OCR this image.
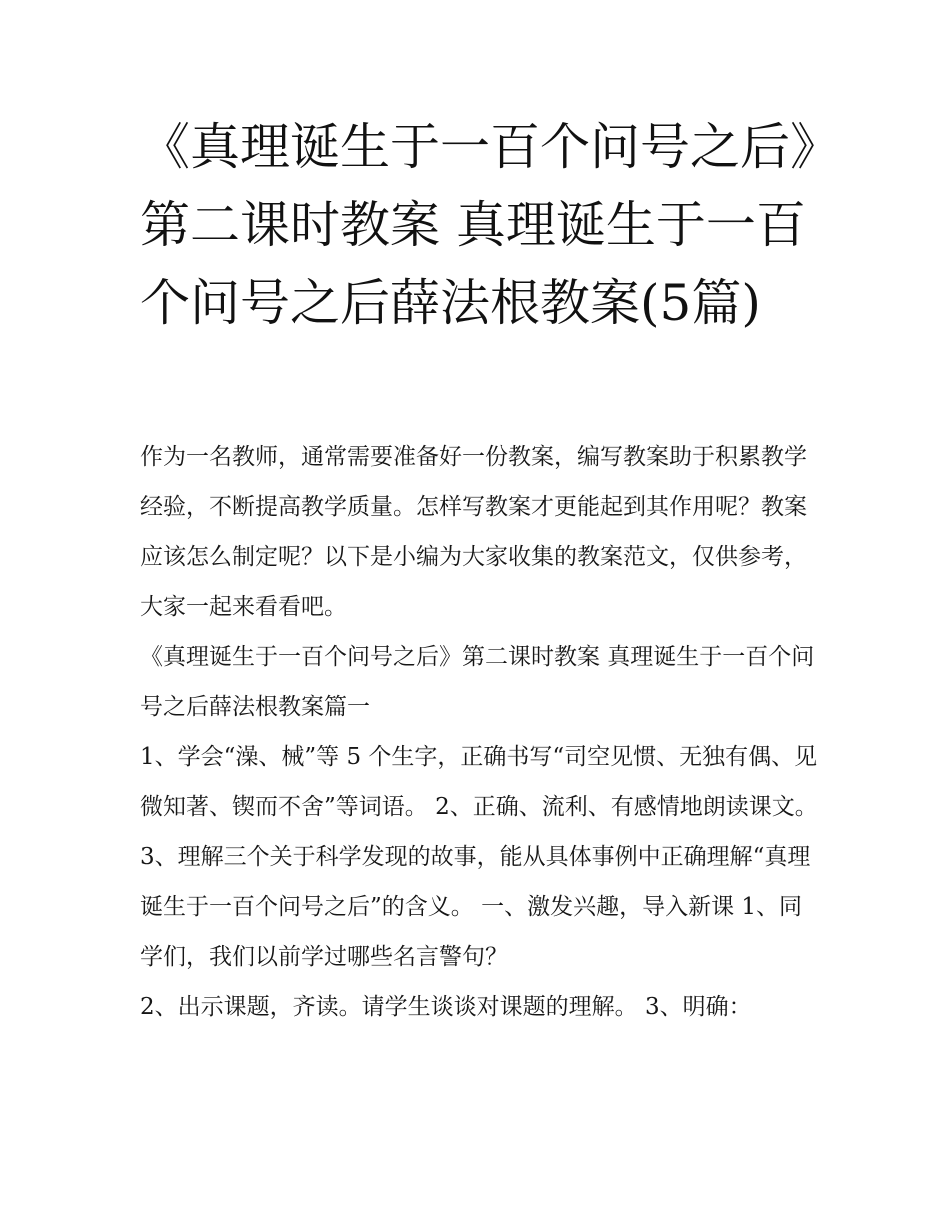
《真理诞生于一百个问号之后》第二课时教案 真理诞生于一百个问号之后薛法根教案(5篇)

作为一名教师，通常需要准备好一份教案，编写教案助于积累教学经验，不断提高教学质量。怎样写教案才更能起到其作用呢？教案应该怎么制定呢？以下是小编为大家收集的教案范文，仅供参考，大家一起来看看吧。

《真理诞生于一百个问号之后》第二课时教案 真理诞生于一百个问号之后薛法根教案篇一

1、学会“澡、械”等 5 个生字，正确书写“司空见惯、无独有偶、见微知著、锲而不舍”等词语。 2、正确、流利、有感情地朗读课文。

3、理解三个关于科学发现的故事，能从具体事例中正确理解“真理诞生于一百个问号之后”的含义。 一、激发兴趣，导入新课 1、同学们，我们以前学过哪些名言警句？

2、出示课题，齐读。请学生谈谈对课题的理解。 3、明确：
